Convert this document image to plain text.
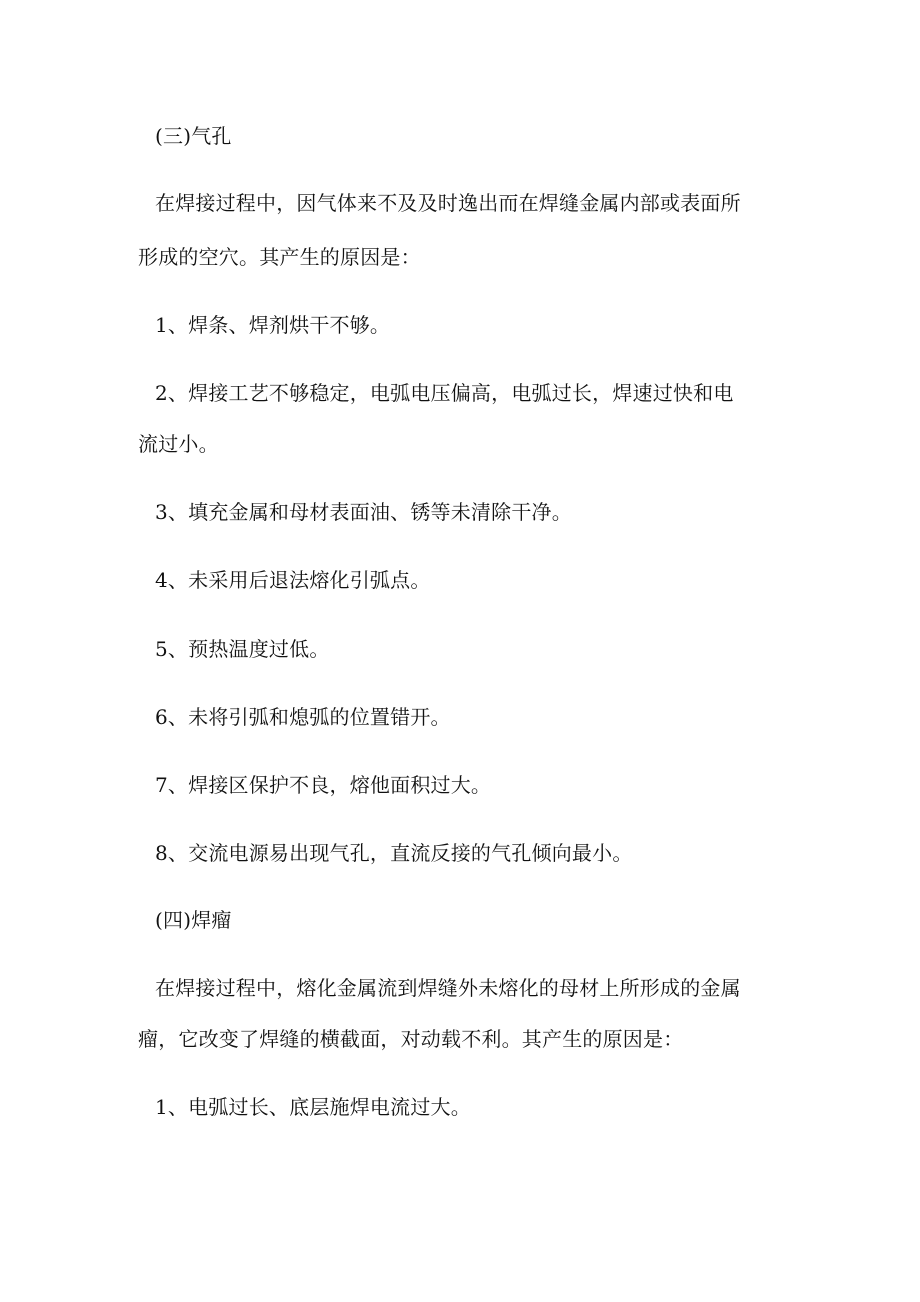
(三)气孔
在焊接过程中，因气体来不及及时逸出而在焊缝金属内部或表面所
形成的空穴。其产生的原因是：
1、焊条、焊剂烘干不够。
2、焊接工艺不够稳定，电弧电压偏高，电弧过长，焊速过快和电
流过小。
3、填充金属和母材表面油、锈等未清除干净。
4、未采用后退法熔化引弧点。
5、预热温度过低。
6、未将引弧和熄弧的位置错开。
7、焊接区保护不良，熔他面积过大。
8、交流电源易出现气孔，直流反接的气孔倾向最小。
(四)焊瘤
在焊接过程中，熔化金属流到焊缝外未熔化的母材上所形成的金属
瘤，它改变了焊缝的横截面，对动载不利。其产生的原因是：
1、电弧过长、底层施焊电流过大。
